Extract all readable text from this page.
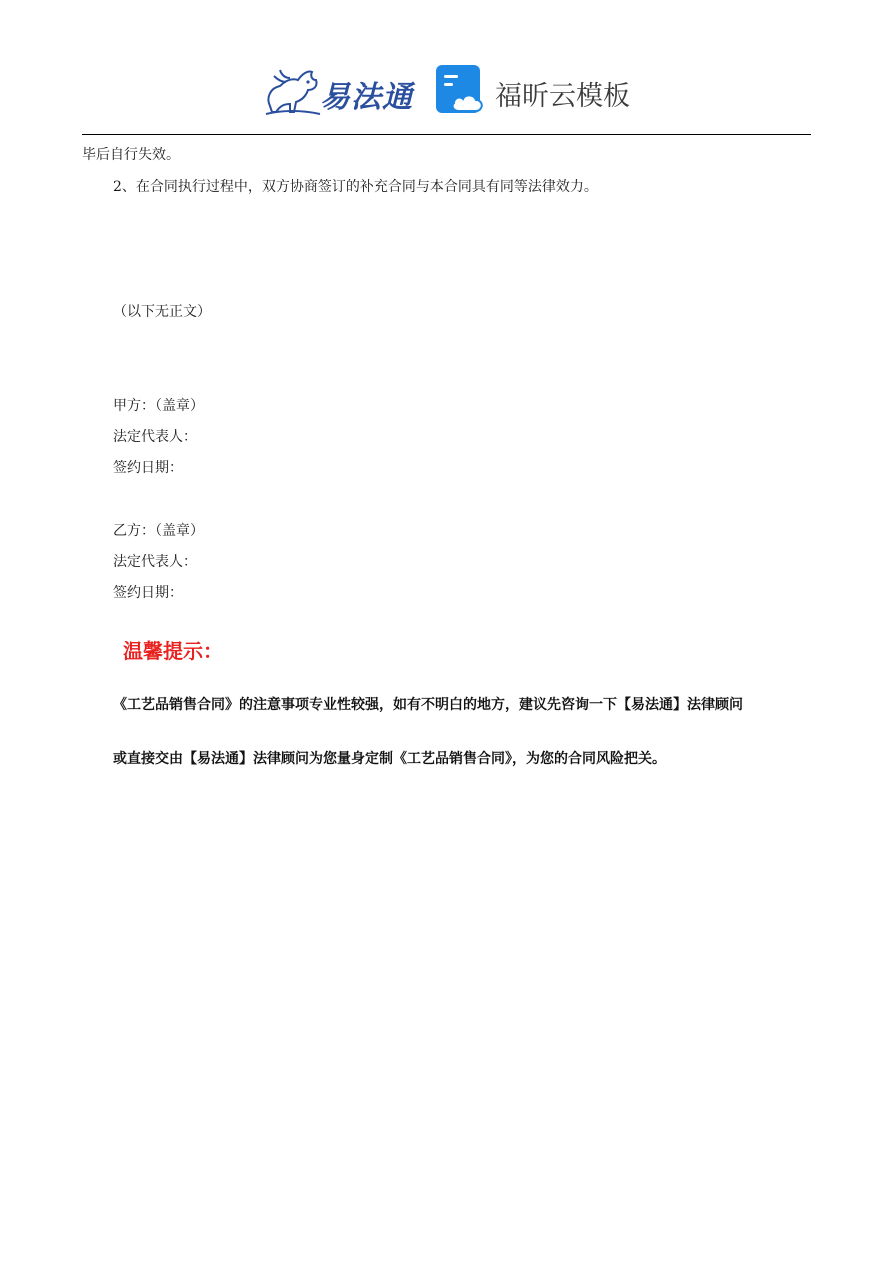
易法通	福昕云模板
毕后自行失效。
2、在合同执行过程中，双方协商签订的补充合同与本合同具有同等法律效力。
（以下无正文）
甲方：（盖章）
法定代表人：
签约日期：
乙方：（盖章）
法定代表人：
签约日期：
温馨提示：
《工艺品销售合同》的注意事项专业性较强，如有不明白的地方，建议先咨询一下【易法通】法律顾问
或直接交由【易法通】法律顾问为您量身定制《工艺品销售合同》，为您的合同风险把关。
